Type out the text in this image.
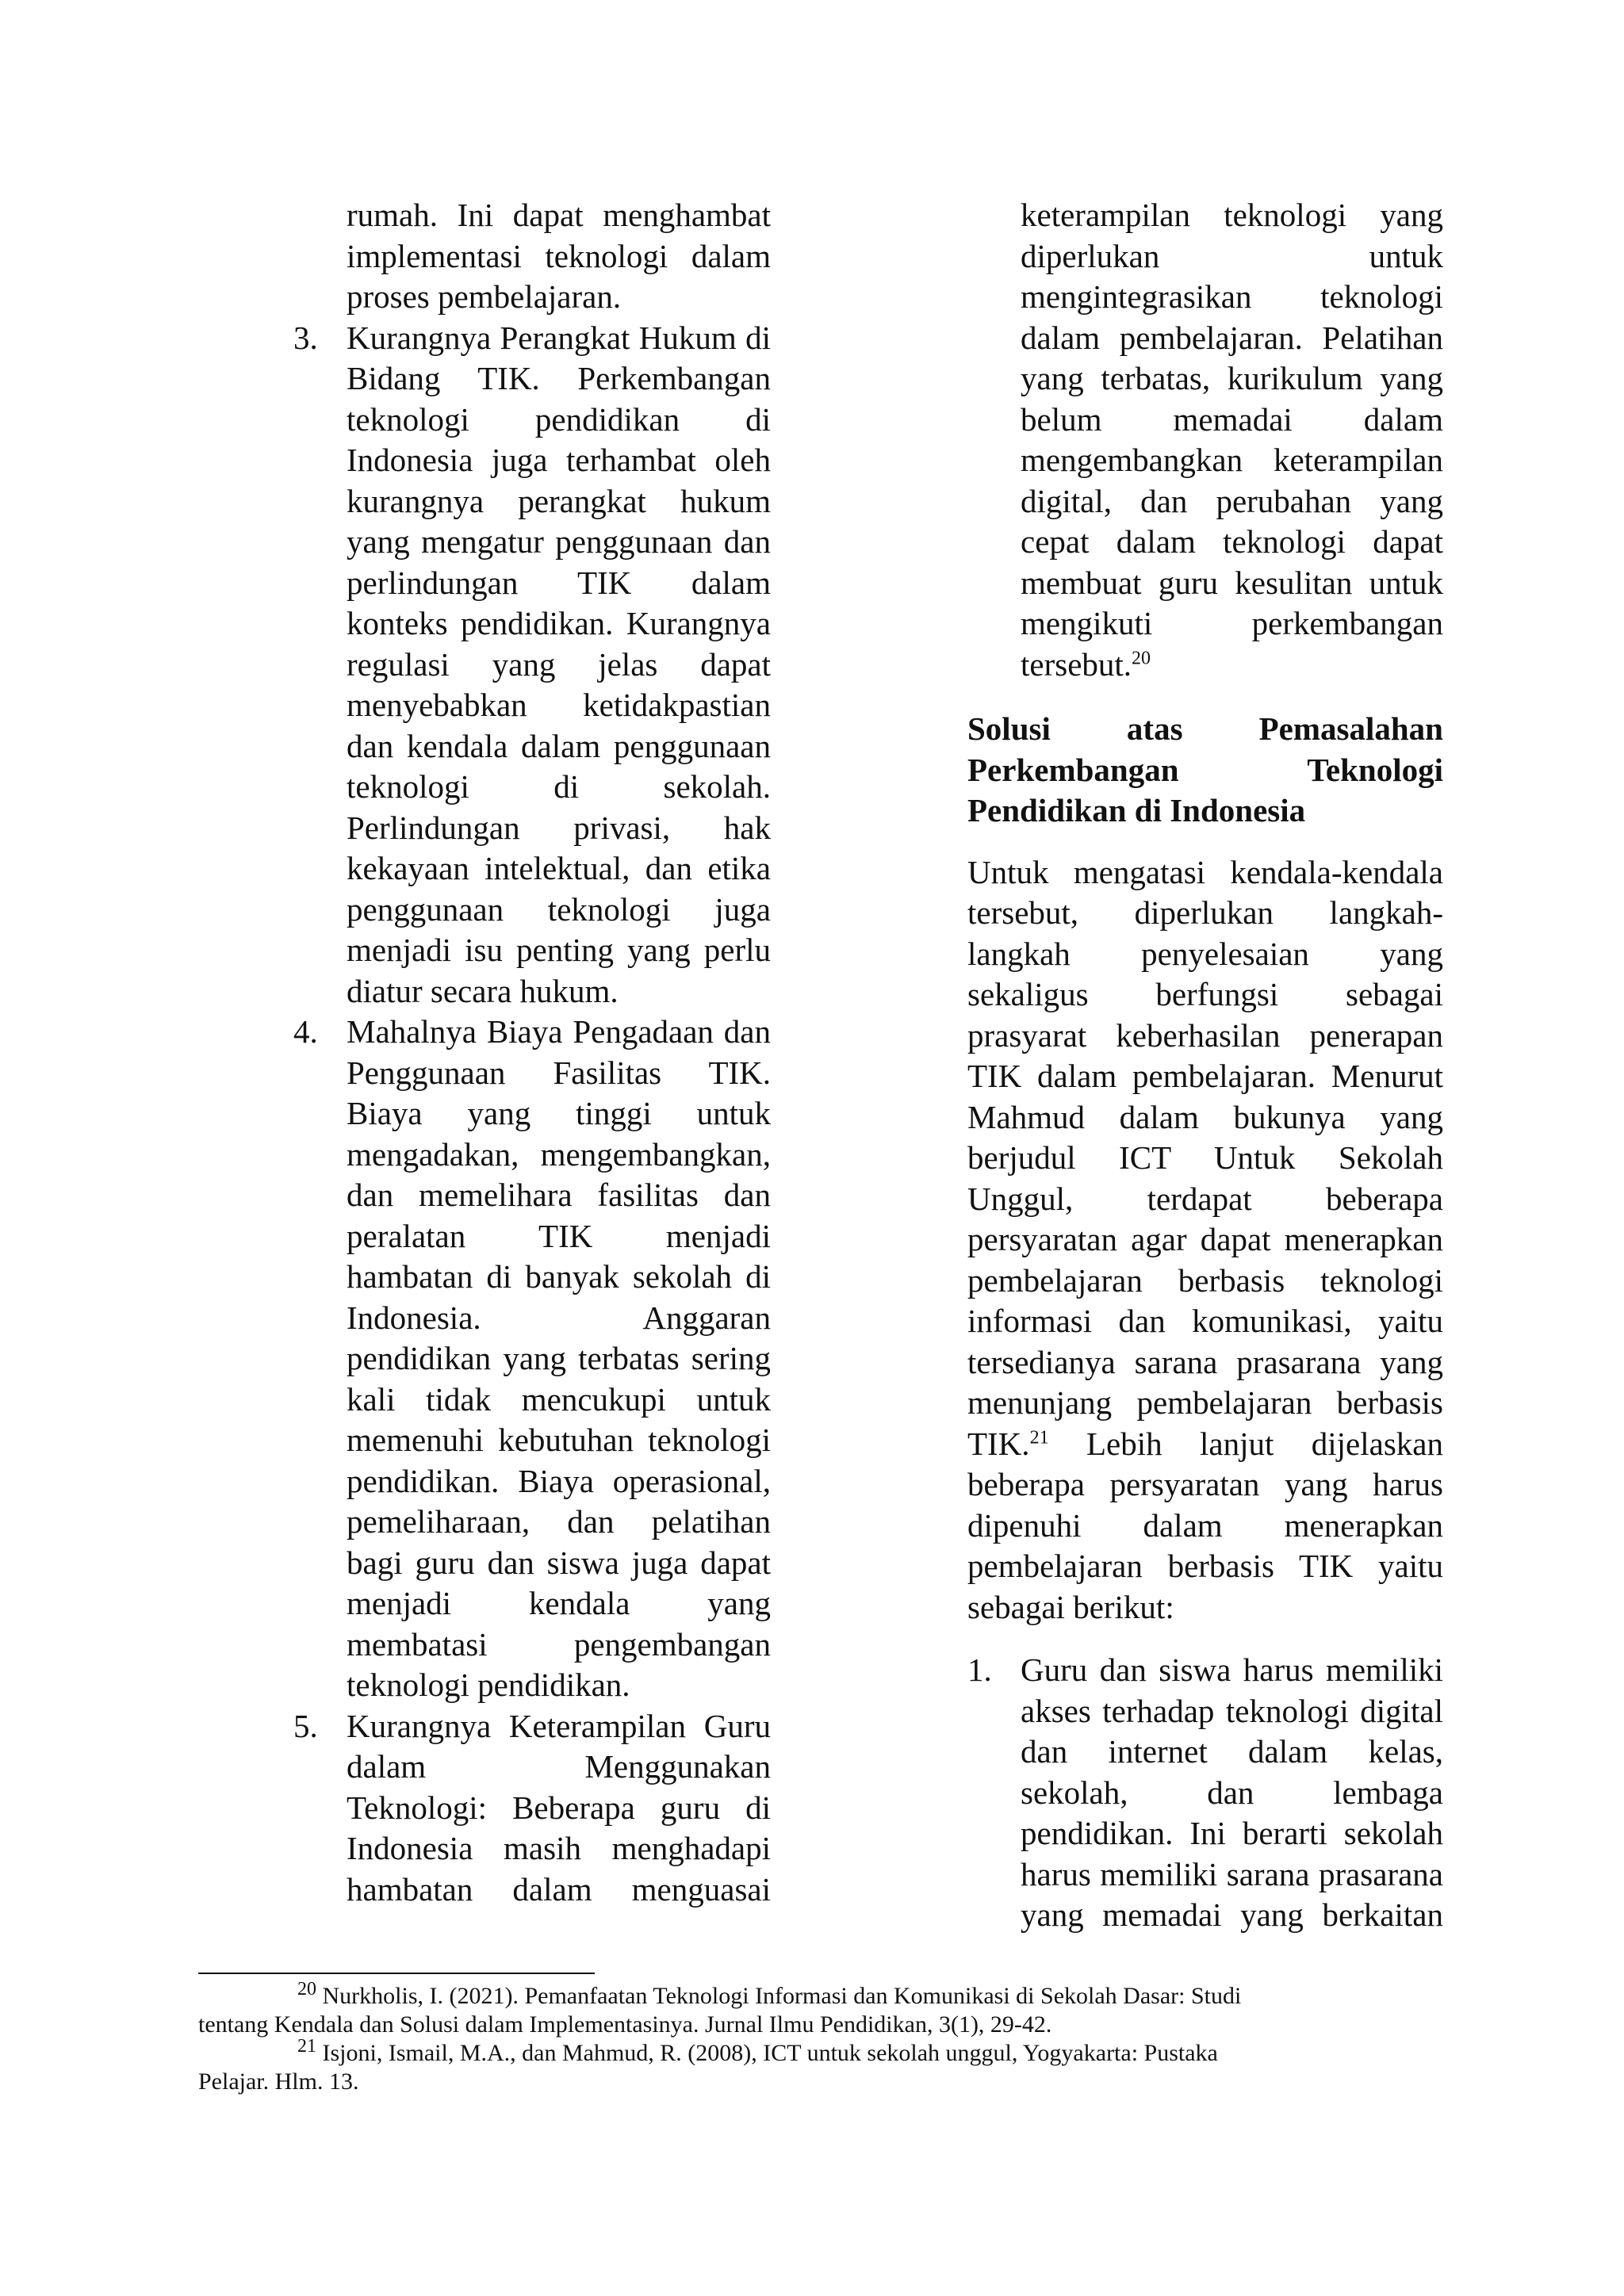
rumah. Ini dapat menghambat

implementasi teknologi dalam

proses pembelajaran.

3. Kurangnya Perangkat Hukum di

Bidang TIK. Perkembangan

teknologi pendidikan di

Indonesia juga terhambat oleh

kurangnya perangkat hukum

yang mengatur penggunaan dan

perlindungan TIK dalam

konteks pendidikan. Kurangnya

regulasi yang jelas dapat

menyebabkan ketidakpastian

dan kendala dalam penggunaan

teknologi di sekolah.

Perlindungan privasi, hak

kekayaan intelektual, dan etika

penggunaan teknologi juga

menjadi isu penting yang perlu

diatur secara hukum.

4. Mahalnya Biaya Pengadaan dan

Penggunaan Fasilitas TIK.

Biaya yang tinggi untuk

mengadakan, mengembangkan,

dan memelihara fasilitas dan

peralatan TIK menjadi

hambatan di banyak sekolah di

Indonesia. Anggaran

pendidikan yang terbatas sering

kali tidak mencukupi untuk

memenuhi kebutuhan teknologi

pendidikan. Biaya operasional,

pemeliharaan, dan pelatihan

bagi guru dan siswa juga dapat

menjadi kendala yang

membatasi pengembangan

teknologi pendidikan.

5. Kurangnya Keterampilan Guru

dalam Menggunakan

Teknologi: Beberapa guru di

Indonesia masih menghadapi

hambatan dalam menguasai

keterampilan teknologi yang

diperlukan untuk

mengintegrasikan teknologi

dalam pembelajaran. Pelatihan

yang terbatas, kurikulum yang

belum memadai dalam

mengembangkan keterampilan

digital, dan perubahan yang

cepat dalam teknologi dapat

membuat guru kesulitan untuk

mengikuti perkembangan

tersebut.$^{20}$

Solusi atas Pemasalahan

Perkembangan Teknologi

Pendidikan di Indonesia

Untuk mengatasi kendala-kendala

tersebut, diperlukan langkah-

langkah penyelesaian yang

sekaligus berfungsi sebagai

prasyarat keberhasilan penerapan

TIK dalam pembelajaran. Menurut

Mahmud dalam bukunya yang

berjudul ICT Untuk Sekolah

Unggul, terdapat beberapa

persyaratan agar dapat menerapkan

pembelajaran berbasis teknologi

informasi dan komunikasi, yaitu

tersedianya sarana prasarana yang

menunjang pembelajaran berbasis

TIK.$^{21}$ Lebih lanjut dijelaskan

beberapa persyaratan yang harus

dipenuhi dalam menerapkan

pembelajaran berbasis TIK yaitu

sebagai berikut:

1. Guru dan siswa harus memiliki

akses terhadap teknologi digital

dan internet dalam kelas,

sekolah, dan lembaga

pendidikan. Ini berarti sekolah

harus memiliki sarana prasarana

yang memadai yang berkaitan

$^{20}$ Nurkholis, I. (2021). Pemanfaatan Teknologi Informasi dan Komunikasi di Sekolah Dasar: Studi

tentang Kendala dan Solusi dalam Implementasinya. Jurnal Ilmu Pendidikan, 3(1), 29-42.

$^{21}$ Isjoni, Ismail, M.A., dan Mahmud, R. (2008), ICT untuk sekolah unggul, Yogyakarta: Pustaka

Pelajar. Hlm. 13.
